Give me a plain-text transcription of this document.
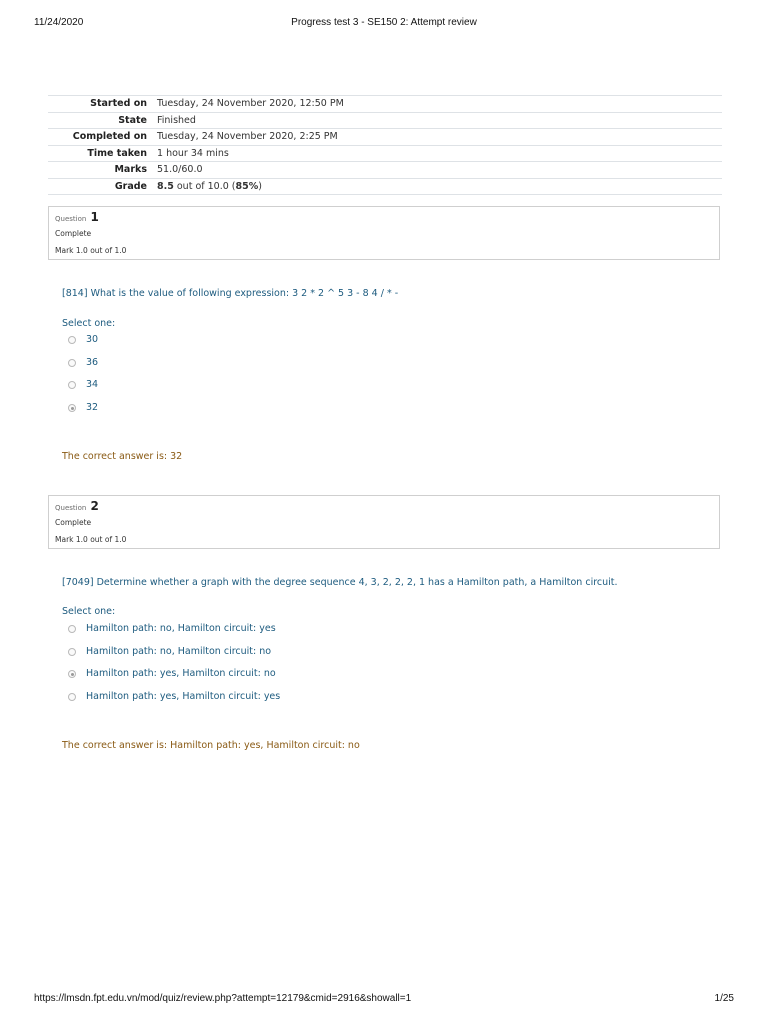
11/24/2020	Progress test 3 - SE150 2: Attempt review
Started on	Tuesday, 24 November 2020, 12:50 PM
State	Finished
Completed on	Tuesday, 24 November 2020, 2:25 PM
Time taken	1 hour 34 mins
Marks	51.0/60.0
Grade	8.5 out of 10.0 (85%)
Question 1
Complete
Mark 1.0 out of 1.0
[814] What is the value of following expression: 3 2 * 2 ^ 5 3 - 8 4 / * -
Select one:
30
36
34
32
The correct answer is: 32
Question 2
Complete
Mark 1.0 out of 1.0
[7049] Determine whether a graph with the degree sequence 4, 3, 2, 2, 2, 1 has a Hamilton path, a Hamilton circuit.
Select one:
Hamilton path: no, Hamilton circuit: yes
Hamilton path: no, Hamilton circuit: no
Hamilton path: yes, Hamilton circuit: no
Hamilton path: yes, Hamilton circuit: yes
The correct answer is: Hamilton path: yes, Hamilton circuit: no
https://lmsdn.fpt.edu.vn/mod/quiz/review.php?attempt=12179&cmid=2916&showall=1	1/25
